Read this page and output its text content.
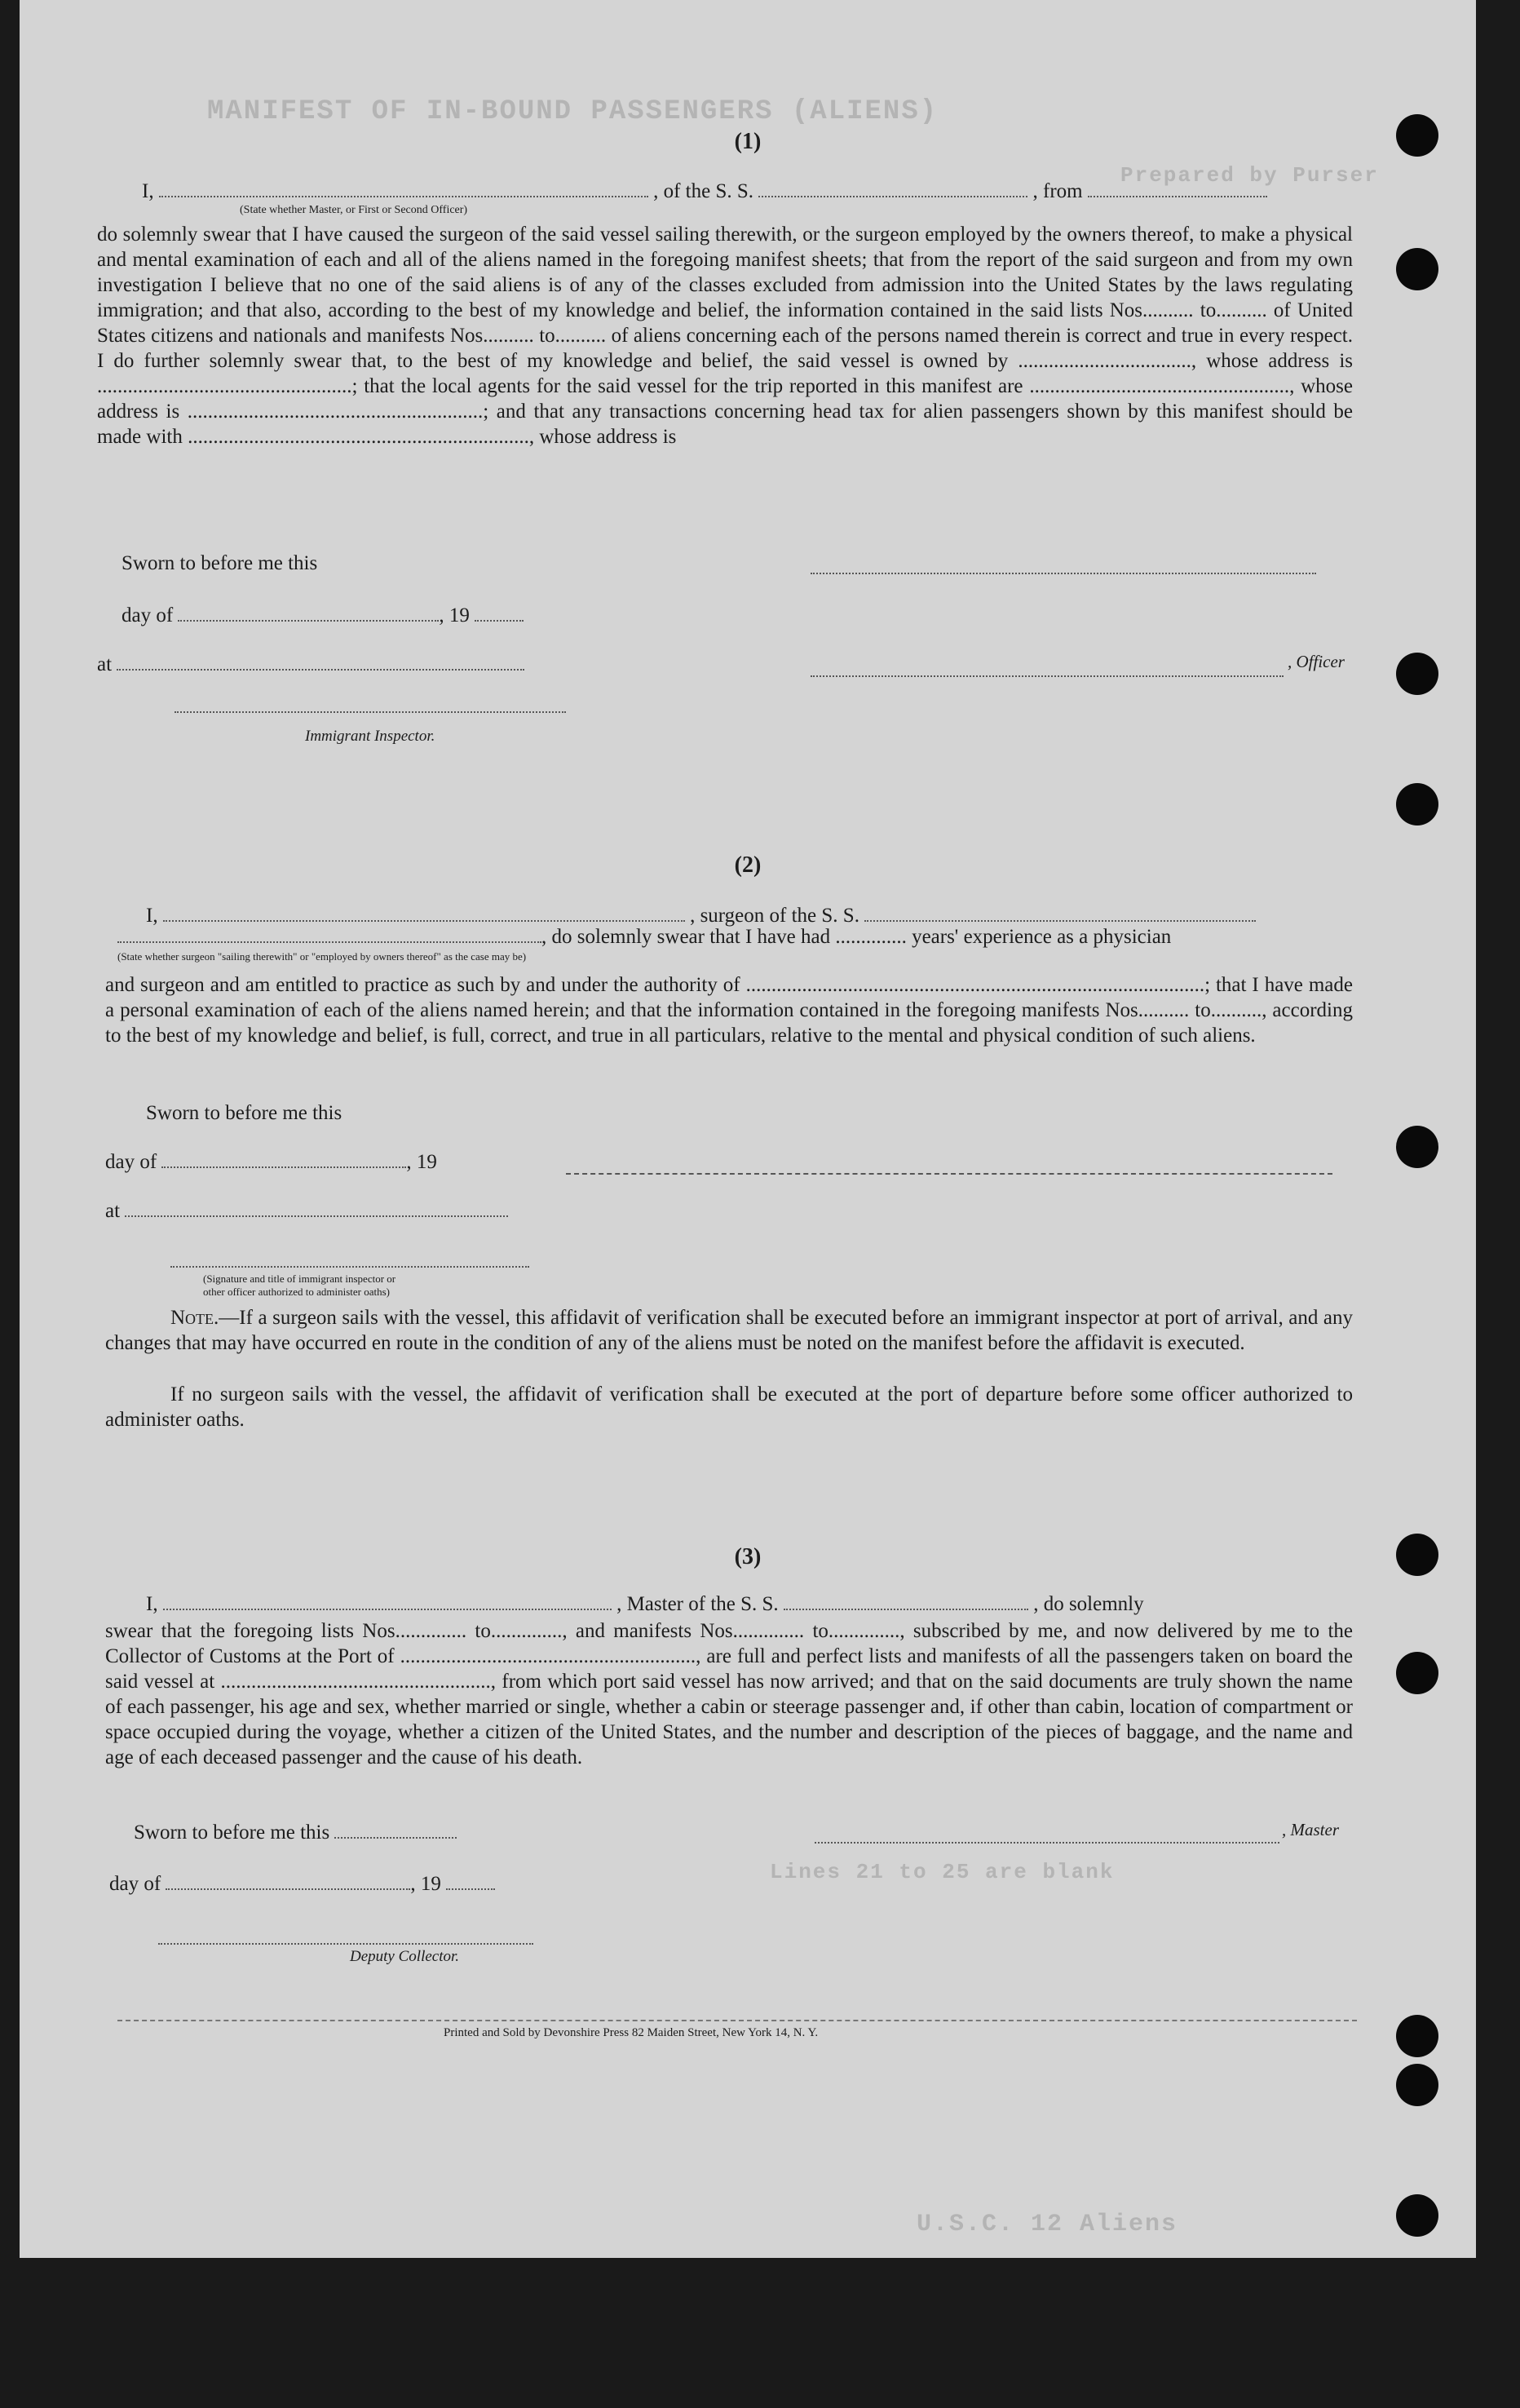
MANIFEST OF IN-BOUND PASSENGERS (ALIENS)
Prepared by Purser
Lines 21 to 25 are blank
U.S.C. 12 Aliens
(1)
I,	, of the S. S.	, from
(State whether Master, or First or Second Officer)
do solemnly swear that I have caused the surgeon of the said vessel sailing therewith, or the surgeon employed by the owners thereof, to make a physical and mental examination of each and all of the aliens named in the foregoing manifest sheets; that from the report of the said surgeon and from my own investigation I believe that no one of the said aliens is of any of the classes excluded from admission into the United States by the laws regulating immigration; and that also, according to the best of my knowledge and belief, the information contained in the said lists Nos.......... to.......... of United States citizens and nationals and manifests Nos.......... to.......... of aliens concerning each of the persons named therein is correct and true in every respect. I do further solemnly swear that, to the best of my knowledge and belief, the said vessel is owned by .................................., whose address is ..................................................; that the local agents for the said vessel for the trip reported in this manifest are ..................................................., whose address is ..........................................................; and that any transactions concerning head tax for alien passengers shown by this manifest should be made with ..................................................................., whose address is
Sworn to before me this
day of	, 19
at	, Officer
Immigrant Inspector.
(2)
I,	, surgeon of the S. S.
, do solemnly swear that I have had .............. years' experience as a physician
(State whether surgeon "sailing therewith" or "employed by owners thereof" as the case may be)
and surgeon and am entitled to practice as such by and under the authority of ..........................................................................................; that I have made a personal examination of each of the aliens named herein; and that the information contained in the foregoing manifests Nos.......... to.........., according to the best of my knowledge and belief, is full, correct, and true in all particulars, relative to the mental and physical condition of such aliens.
Sworn to before me this
day of	, 19
at
(Signature and title of immigrant inspector or
other officer authorized to administer oaths)
Note.—If a surgeon sails with the vessel, this affidavit of verification shall be executed before an immigrant inspector at port of arrival, and any changes that may have occurred en route in the condition of any of the aliens must be noted on the manifest before the affidavit is executed.
If no surgeon sails with the vessel, the affidavit of verification shall be executed at the port of departure before some officer authorized to administer oaths.
(3)
I,	, Master of the S. S.	, do solemnly
swear that the foregoing lists Nos.............. to.............., and manifests Nos.............. to.............., subscribed by me, and now delivered by me to the Collector of Customs at the Port of .........................................................., are full and perfect lists and manifests of all the passengers taken on board the said vessel at ....................................................., from which port said vessel has now arrived; and that on the said documents are truly shown the name of each passenger, his age and sex, whether married or single, whether a cabin or steerage passenger and, if other than cabin, location of compartment or space occupied during the voyage, whether a citizen of the United States, and the number and description of the pieces of baggage, and the name and age of each deceased passenger and the cause of his death.
Sworn to before me this	, Master
day of	, 19
Deputy Collector.
Printed and Sold by Devonshire Press 82 Maiden Street, New York 14, N. Y.
